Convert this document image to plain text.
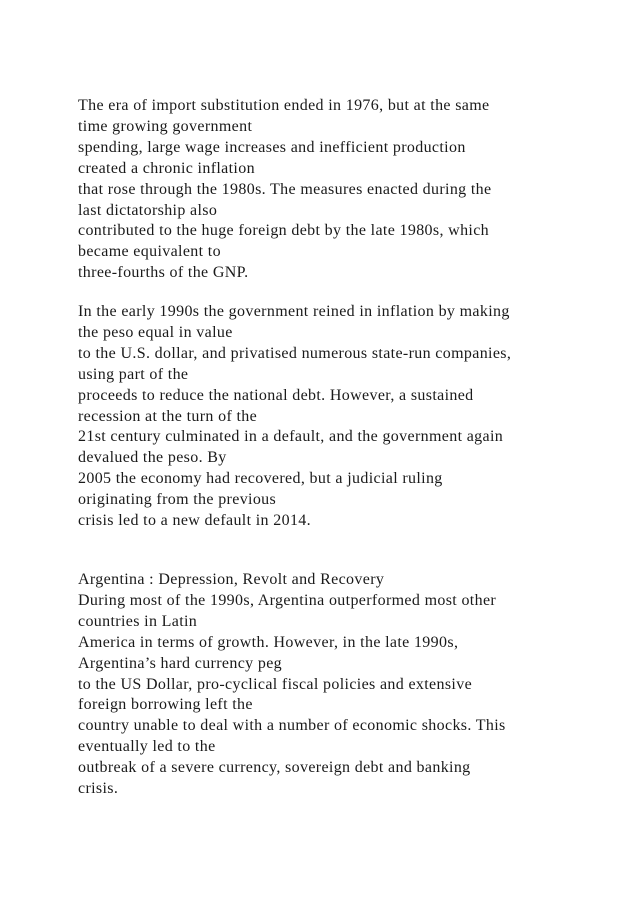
The era of import substitution ended in 1976, but at the same
time growing government
spending, large wage increases and inefficient production
created a chronic inflation
that rose through the 1980s. The measures enacted during the
last dictatorship also
contributed to the huge foreign debt by the late 1980s, which
became equivalent to
three-fourths of the GNP.
In the early 1990s the government reined in inflation by making
the peso equal in value
to the U.S. dollar, and privatised numerous state-run companies,
using part of the
proceeds to reduce the national debt. However, a sustained
recession at the turn of the
21st century culminated in a default, and the government again
devalued the peso. By
2005 the economy had recovered, but a judicial ruling
originating from the previous
crisis led to a new default in 2014.
Argentina : Depression, Revolt and Recovery
During most of the 1990s, Argentina outperformed most other
countries in Latin
America in terms of growth. However, in the late 1990s,
Argentina’s hard currency peg
to the US Dollar, pro-cyclical fiscal policies and extensive
foreign borrowing left the
country unable to deal with a number of economic shocks. This
eventually led to the
outbreak of a severe currency, sovereign debt and banking
crisis.
